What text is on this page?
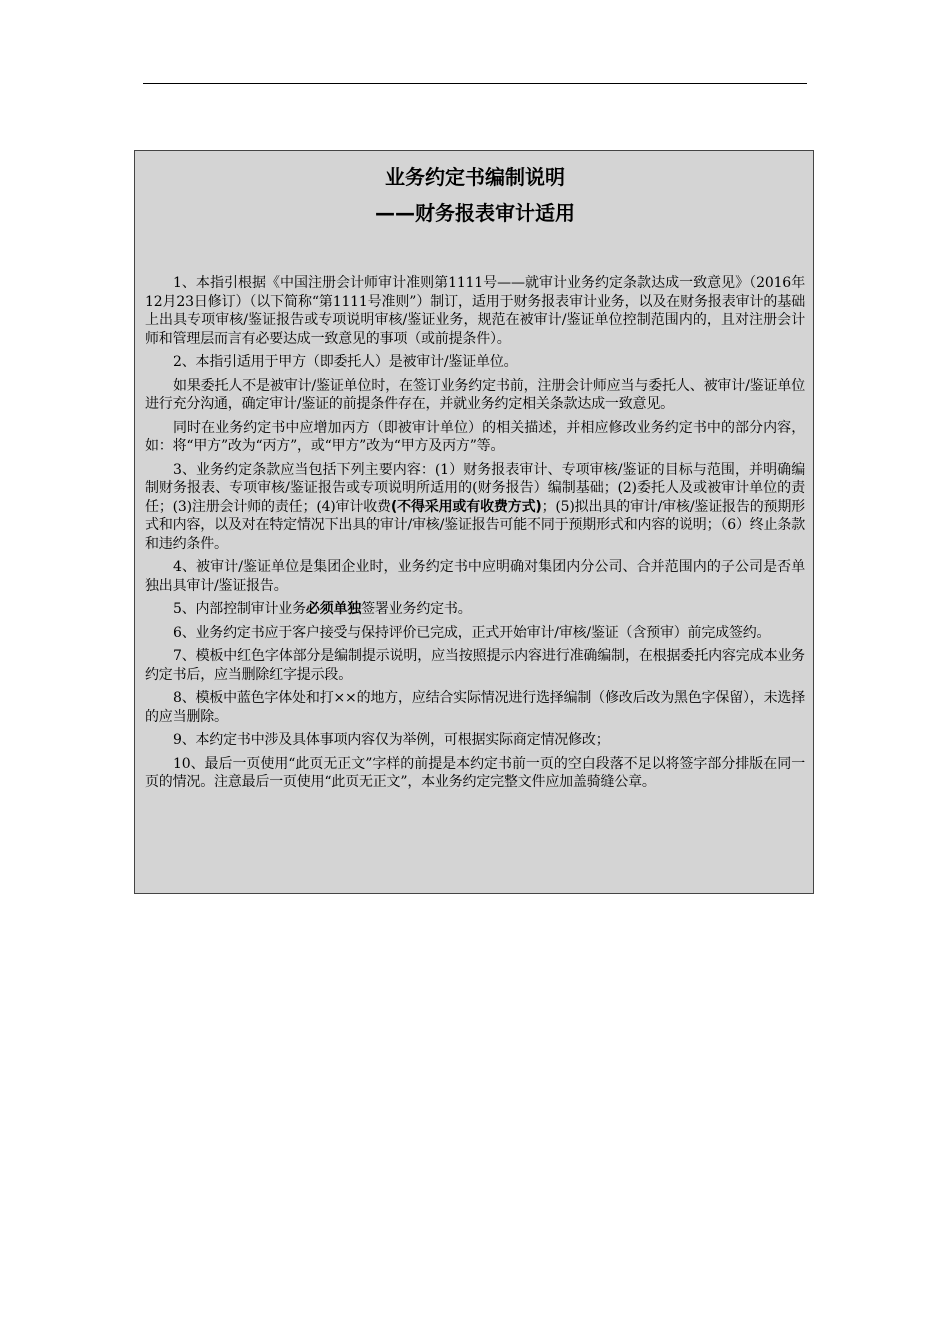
业务约定书编制说明
——财务报表审计适用

1、本指引根据《中国注册会计师审计准则第1111号——就审计业务约定条款达成一致意见》（2016年12月23日修订）（以下简称“第1111号准则”）制订，适用于财务报表审计业务，以及在财务报表审计的基础上出具专项审核/鉴证报告或专项说明审核/鉴证业务，规范在被审计/鉴证单位控制范围内的，且对注册会计师和管理层而言有必要达成一致意见的事项（或前提条件）。

2、本指引适用于甲方（即委托人）是被审计/鉴证单位。

如果委托人不是被审计/鉴证单位时，在签订业务约定书前，注册会计师应当与委托人、被审计/鉴证单位进行充分沟通，确定审计/鉴证的前提条件存在，并就业务约定相关条款达成一致意见。

同时在业务约定书中应增加丙方（即被审计单位）的相关描述，并相应修改业务约定书中的部分内容，如：将“甲方”改为“丙方”，或“甲方”改为“甲方及丙方”等。

3、业务约定条款应当包括下列主要内容：(1）财务报表审计、专项审核/鉴证的目标与范围，并明确编制财务报表、专项审核/鉴证报告或专项说明所适用的(财务报告）编制基础；(2)委托人及或被审计单位的责任；(3)注册会计师的责任；(4)审计收费(不得采用或有收费方式)；(5)拟出具的审计/审核/鉴证报告的预期形式和内容，以及对在特定情况下出具的审计/审核/鉴证报告可能不同于预期形式和内容的说明；（6）终止条款和违约条件。

4、被审计/鉴证单位是集团企业时，业务约定书中应明确对集团内分公司、合并范围内的子公司是否单独出具审计/鉴证报告。

5、内部控制审计业务必须单独签署业务约定书。

6、业务约定书应于客户接受与保持评价已完成，正式开始审计/审核/鉴证（含预审）前完成签约。

7、模板中红色字体部分是编制提示说明，应当按照提示内容进行准确编制，在根据委托内容完成本业务约定书后，应当删除红字提示段。

8、模板中蓝色字体处和打××的地方，应结合实际情况进行选择编制（修改后改为黑色字保留），未选择的应当删除。

9、本约定书中涉及具体事项内容仅为举例，可根据实际商定情况修改；

10、最后一页使用“此页无正文”字样的前提是本约定书前一页的空白段落不足以将签字部分排版在同一页的情况。注意最后一页使用“此页无正文”，本业务约定完整文件应加盖骑缝公章。
